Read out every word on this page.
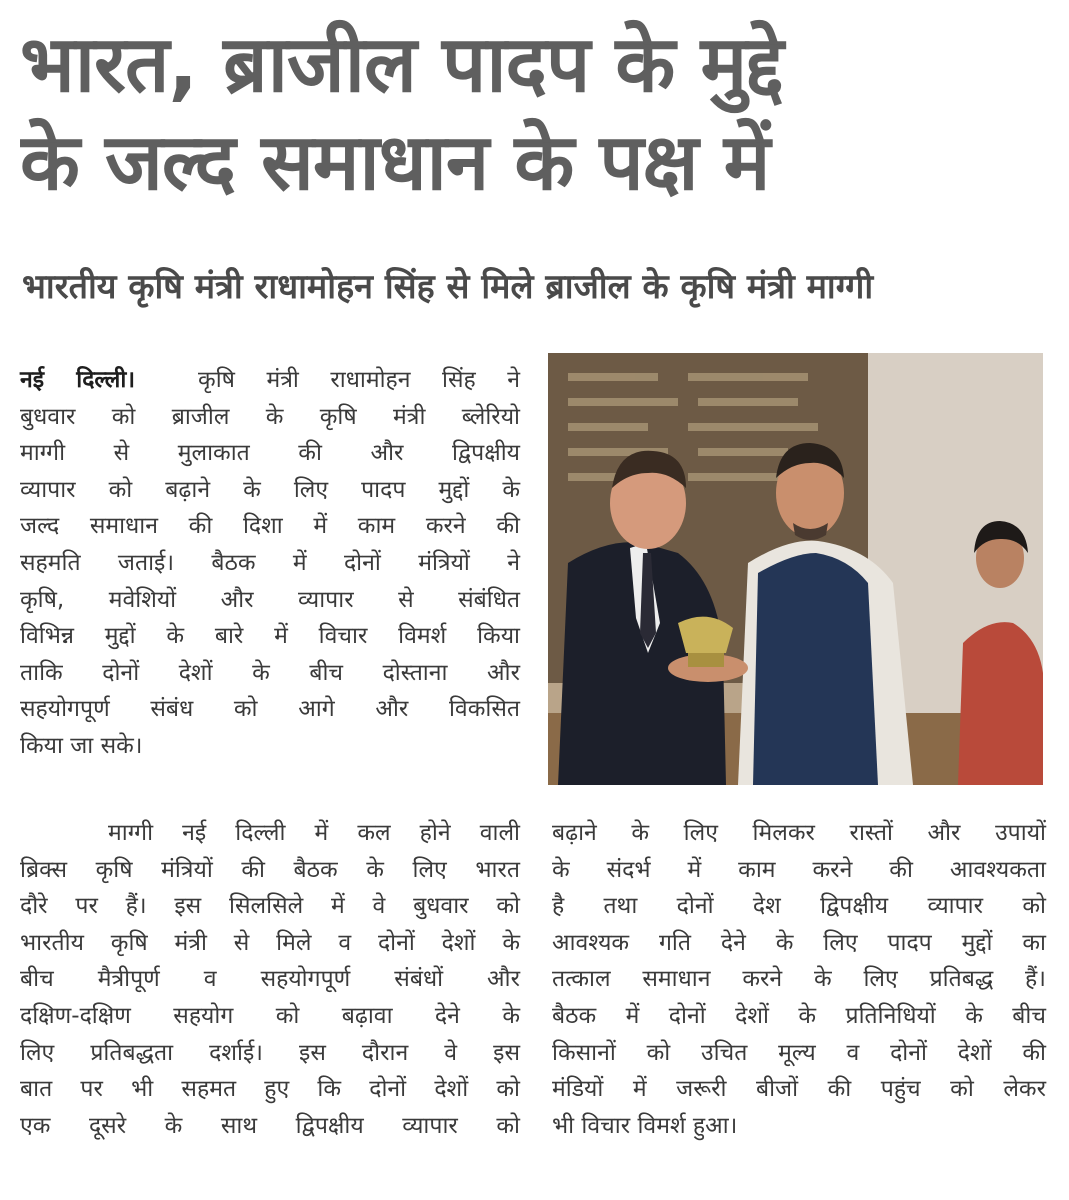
भारत, ब्राजील पादप के मुद्दे
के जल्द समाधान के पक्ष में
भारतीय कृषि मंत्री राधामोहन सिंह से मिले ब्राजील के कृषि मंत्री माग्गी
नई दिल्ली।	कृषि मंत्री राधामोहन सिंह ने
बुधवार को ब्राजील के कृषि मंत्री ब्लेरियो
माग्गी से मुलाकात की और द्विपक्षीय
व्यापार को बढ़ाने के लिए पादप मुद्दों के
जल्द समाधान की दिशा में काम करने की
सहमति जताई। बैठक में दोनों मंत्रियों ने
कृषि, मवेशियों और व्यापार से संबंधित
विभिन्न मुद्दों के बारे में विचार विमर्श किया
ताकि दोनों देशों के बीच दोस्ताना और
सहयोगपूर्ण संबंध को आगे और विकसित
किया जा सके।
माग्गी नई दिल्ली में कल होने वाली
ब्रिक्स कृषि मंत्रियों की बैठक के लिए भारत
दौरे पर हैं। इस सिलसिले में वे बुधवार को
भारतीय कृषि मंत्री से मिले व दोनों देशों के
बीच मैत्रीपूर्ण व सहयोगपूर्ण संबंधों और
दक्षिण-दक्षिण सहयोग को बढ़ावा देने के
लिए प्रतिबद्धता दर्शाई। इस दौरान वे इस
बात पर भी सहमत हुए कि दोनों देशों को
एक दूसरे के साथ द्विपक्षीय व्यापार को
बढ़ाने के लिए मिलकर रास्तों और उपायों
के संदर्भ में काम करने की आवश्यकता
है तथा दोनों देश द्विपक्षीय व्यापार को
आवश्यक गति देने के लिए पादप मुद्दों का
तत्काल समाधान करने के लिए प्रतिबद्ध हैं।
बैठक में दोनों देशों के प्रतिनिधियों के बीच
किसानों को उचित मूल्य व दोनों देशों की
मंडियों में जरूरी बीजों की पहुंच को लेकर
भी विचार विमर्श हुआ।
